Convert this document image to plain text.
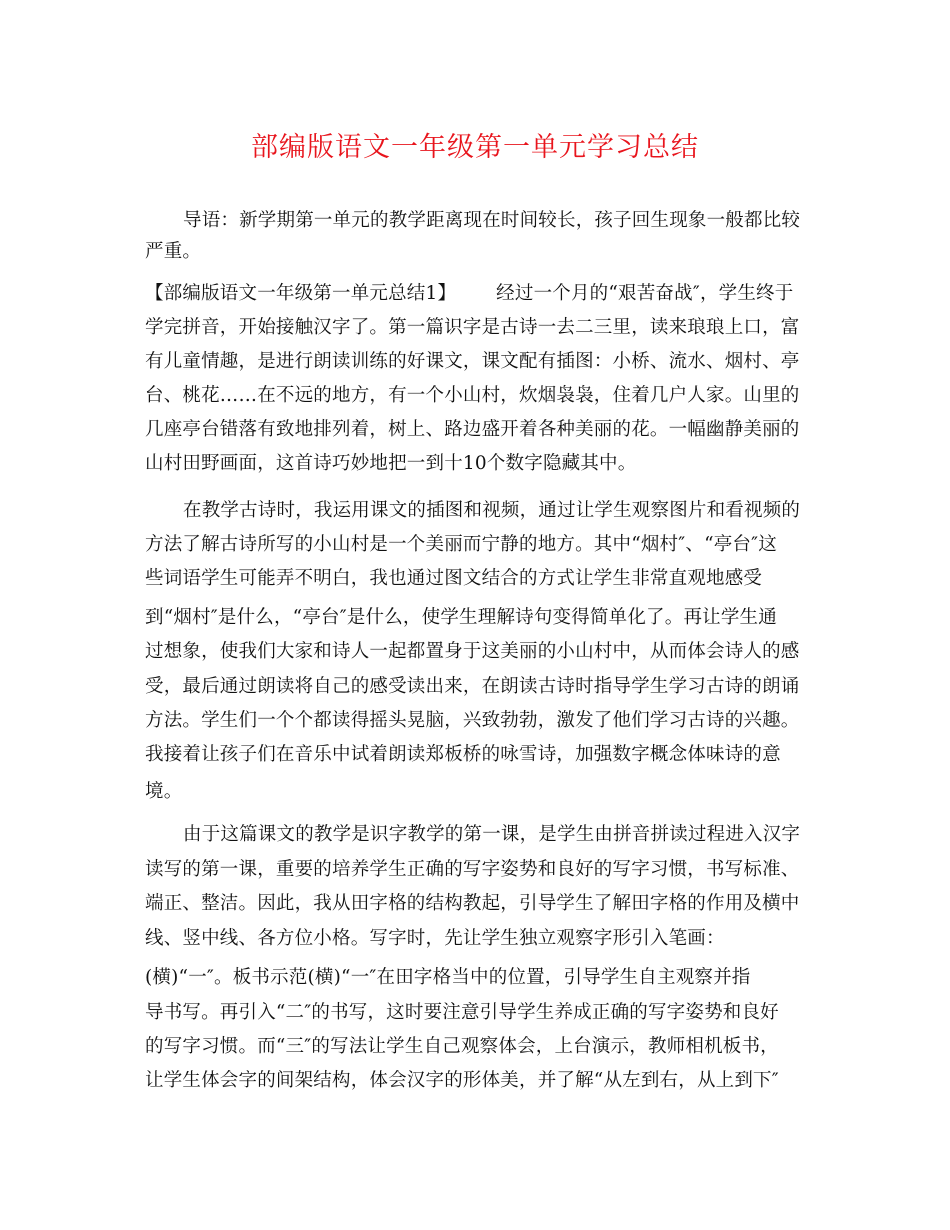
部编版语文一年级第一单元学习总结
导语：新学期第一单元的教学距离现在时间较长，孩子回生现象一般都比较
严重。
【部编版语文一年级第一单元总结1】 经过一个月的“艰苦奋战″，学生终于
学完拼音，开始接触汉字了。第一篇识字是古诗一去二三里，读来琅琅上口，富
有儿童情趣，是进行朗读训练的好课文，课文配有插图：小桥、流水、烟村、亭
台、桃花……在不远的地方，有一个小山村，炊烟袅袅，住着几户人家。山里的
几座亭台错落有致地排列着，树上、路边盛开着各种美丽的花。一幅幽静美丽的
山村田野画面，这首诗巧妙地把一到十10个数字隐藏其中。
在教学古诗时，我运用课文的插图和视频，通过让学生观察图片和看视频的
方法了解古诗所写的小山村是一个美丽而宁静的地方。其中“烟村″、“亭台″这
些词语学生可能弄不明白，我也通过图文结合的方式让学生非常直观地感受
到“烟村″是什么，“亭台″是什么，使学生理解诗句变得简单化了。再让学生通
过想象，使我们大家和诗人一起都置身于这美丽的小山村中，从而体会诗人的感
受，最后通过朗读将自己的感受读出来，在朗读古诗时指导学生学习古诗的朗诵
方法。学生们一个个都读得摇头晃脑，兴致勃勃，激发了他们学习古诗的兴趣。
我接着让孩子们在音乐中试着朗读郑板桥的咏雪诗，加强数字概念体味诗的意
境。
由于这篇课文的教学是识字教学的第一课，是学生由拼音拼读过程进入汉字
读写的第一课，重要的培养学生正确的写字姿势和良好的写字习惯，书写标准、
端正、整洁。因此，我从田字格的结构教起，引导学生了解田字格的作用及横中
线、竖中线、各方位小格。写字时，先让学生独立观察字形引入笔画：
(横)“一″。板书示范(横)“一″在田字格当中的位置，引导学生自主观察并指
导书写。再引入“二″的书写，这时要注意引导学生养成正确的写字姿势和良好
的写字习惯。而“三″的写法让学生自己观察体会，上台演示，教师相机板书，
让学生体会字的间架结构，体会汉字的形体美，并了解“从左到右，从上到下″
